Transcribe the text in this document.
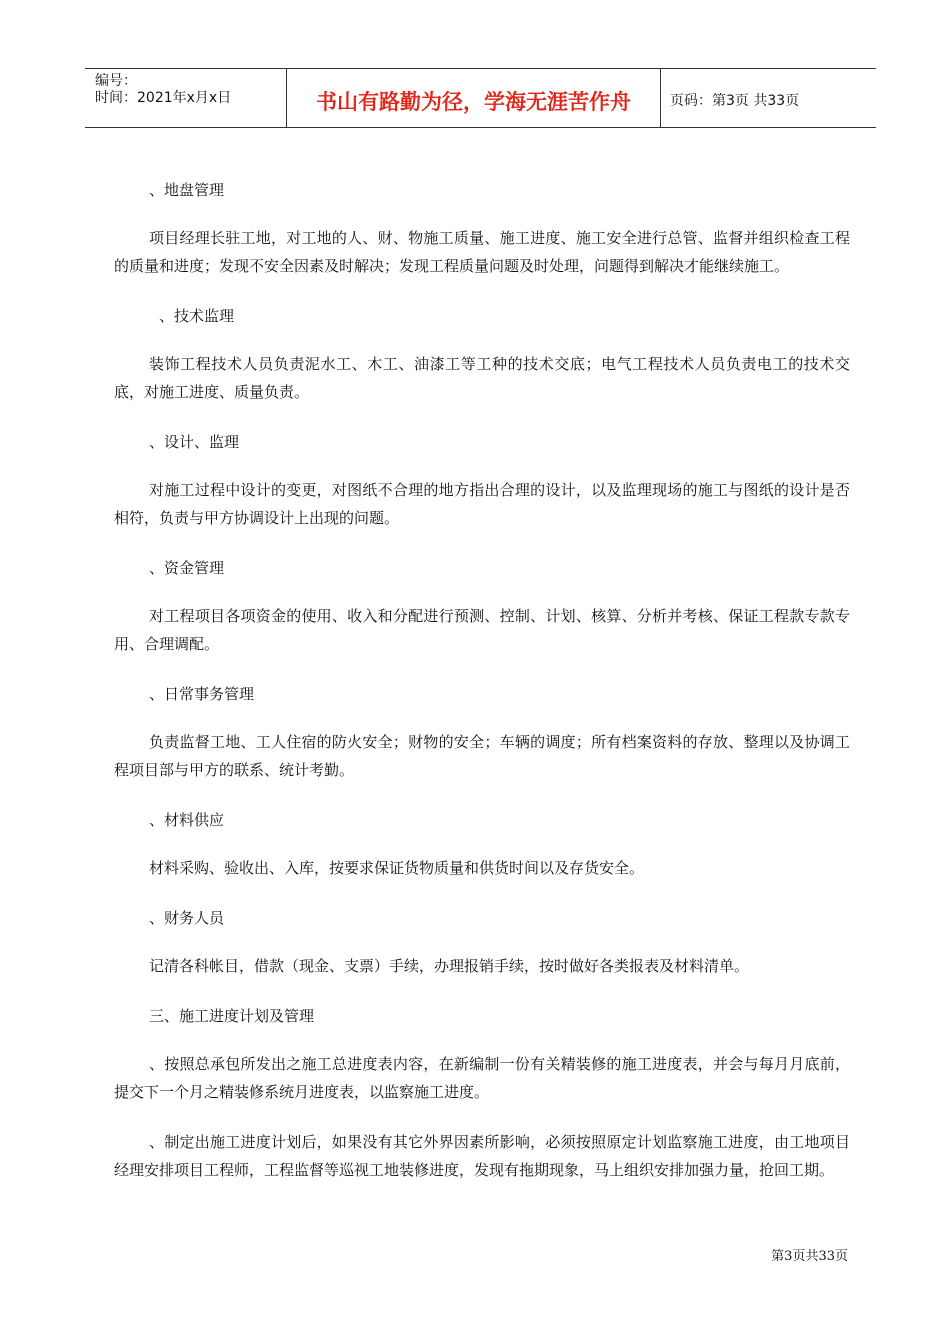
编号：
时间：2021年x月x日	书山有路勤为径，学海无涯苦作舟	页码：第3页 共33页

、地盘管理

项目经理长驻工地，对工地的人、财、物施工质量、施工进度、施工安全进行总管、监督并组织检查工程的质量和进度；发现不安全因素及时解决；发现工程质量问题及时处理，问题得到解决才能继续施工。

、技术监理

装饰工程技术人员负责泥水工、木工、油漆工等工种的技术交底；电气工程技术人员负责电工的技术交底，对施工进度、质量负责。

、设计、监理

对施工过程中设计的变更，对图纸不合理的地方指出合理的设计，以及监理现场的施工与图纸的设计是否相符，负责与甲方协调设计上出现的问题。

、资金管理

对工程项目各项资金的使用、收入和分配进行预测、控制、计划、核算、分析并考核、保证工程款专款专用、合理调配。

、日常事务管理

负责监督工地、工人住宿的防火安全；财物的安全；车辆的调度；所有档案资料的存放、整理以及协调工程项目部与甲方的联系、统计考勤。

、材料供应

材料采购、验收出、入库，按要求保证货物质量和供货时间以及存货安全。

、财务人员

记清各科帐目，借款（现金、支票）手续，办理报销手续，按时做好各类报表及材料清单。

三、施工进度计划及管理

、按照总承包所发出之施工总进度表内容，在新编制一份有关精装修的施工进度表，并会与每月月底前，提交下一个月之精装修系统月进度表，以监察施工进度。

、制定出施工进度计划后，如果没有其它外界因素所影响，必须按照原定计划监察施工进度，由工地项目经理安排项目工程师，工程监督等巡视工地装修进度，发现有拖期现象，马上组织安排加强力量，抢回工期。

第3页共33页
